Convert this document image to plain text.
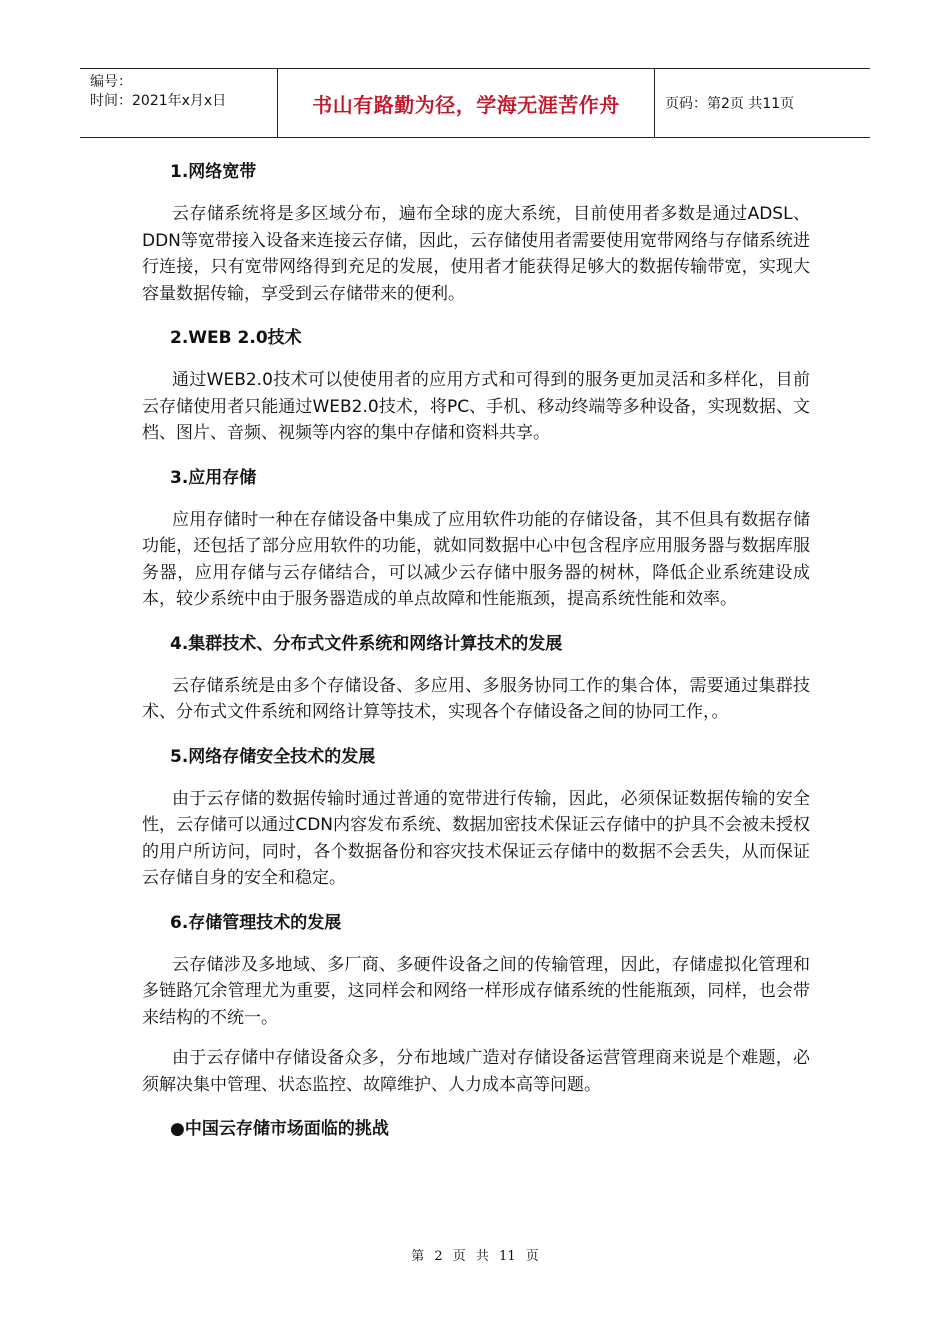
编号：
时间：2021年x月x日	书山有路勤为径，学海无涯苦作舟	页码：第2页 共11页
1.网络宽带

云存储系统将是多区域分布，遍布全球的庞大系统，目前使用者多数是通过ADSL、DDN等宽带接入设备来连接云存储，因此，云存储使用者需要使用宽带网络与存储系统进行连接，只有宽带网络得到充足的发展，使用者才能获得足够大的数据传输带宽，实现大容量数据传输，享受到云存储带来的便利。

2.WEB 2.0技术

通过WEB2.0技术可以使使用者的应用方式和可得到的服务更加灵活和多样化，目前云存储使用者只能通过WEB2.0技术，将PC、手机、移动终端等多种设备，实现数据、文档、图片、音频、视频等内容的集中存储和资料共享。

3.应用存储

应用存储时一种在存储设备中集成了应用软件功能的存储设备，其不但具有数据存储功能，还包括了部分应用软件的功能，就如同数据中心中包含程序应用服务器与数据库服务器，应用存储与云存储结合，可以减少云存储中服务器的树林，降低企业系统建设成本，较少系统中由于服务器造成的单点故障和性能瓶颈，提高系统性能和效率。

4.集群技术、分布式文件系统和网络计算技术的发展

云存储系统是由多个存储设备、多应用、多服务协同工作的集合体，需要通过集群技术、分布式文件系统和网络计算等技术，实现各个存储设备之间的协同工作，。

5.网络存储安全技术的发展

由于云存储的数据传输时通过普通的宽带进行传输，因此，必须保证数据传输的安全性，云存储可以通过CDN内容发布系统、数据加密技术保证云存储中的护具不会被未授权的用户所访问，同时，各个数据备份和容灾技术保证云存储中的数据不会丢失，从而保证云存储自身的安全和稳定。

6.存储管理技术的发展

云存储涉及多地域、多厂商、多硬件设备之间的传输管理，因此，存储虚拟化管理和多链路冗余管理尤为重要，这同样会和网络一样形成存储系统的性能瓶颈，同样，也会带来结构的不统一。

由于云存储中存储设备众多，分布地域广造对存储设备运营管理商来说是个难题，必须解决集中管理、状态监控、故障维护、人力成本高等问题。

●中国云存储市场面临的挑战
第 2 页 共 11 页
